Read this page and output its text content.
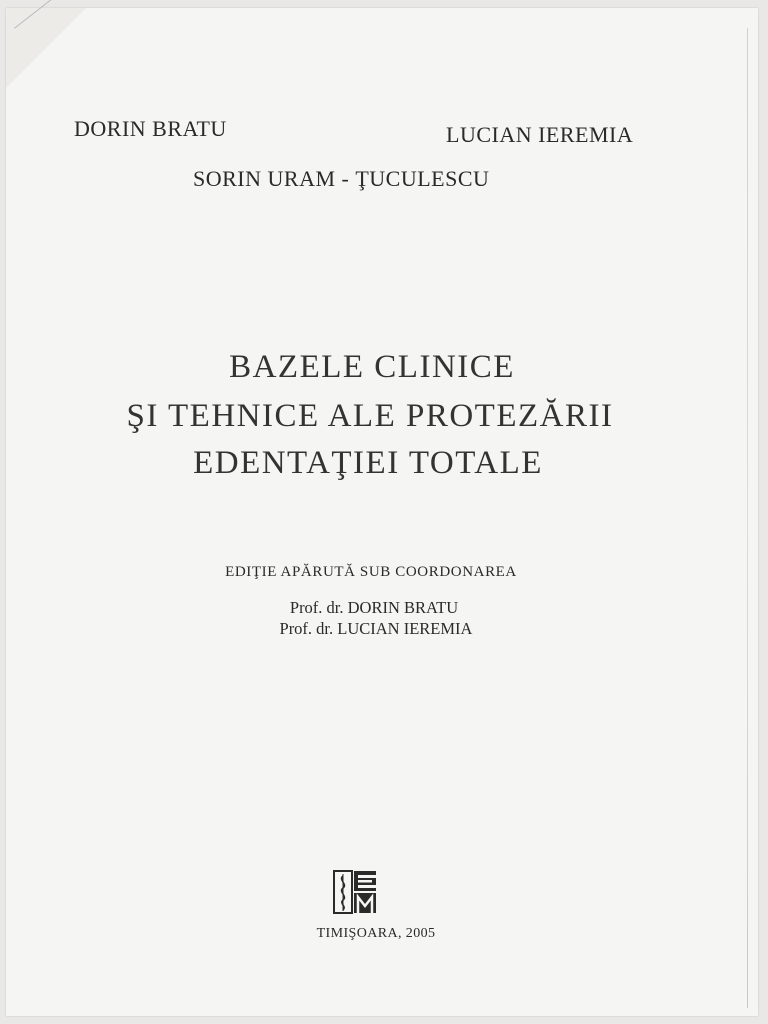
DORIN BRATU	LUCIAN IEREMIA
SORIN URAM - ŢUCULESCU
BAZELE CLINICE
ŞI TEHNICE ALE PROTEZĂRII
EDENTAŢIEI TOTALE
EDIŢIE APĂRUTĂ SUB COORDONAREA
Prof. dr. DORIN BRATU
Prof. dr. LUCIAN IEREMIA
TIMIŞOARA, 2005
